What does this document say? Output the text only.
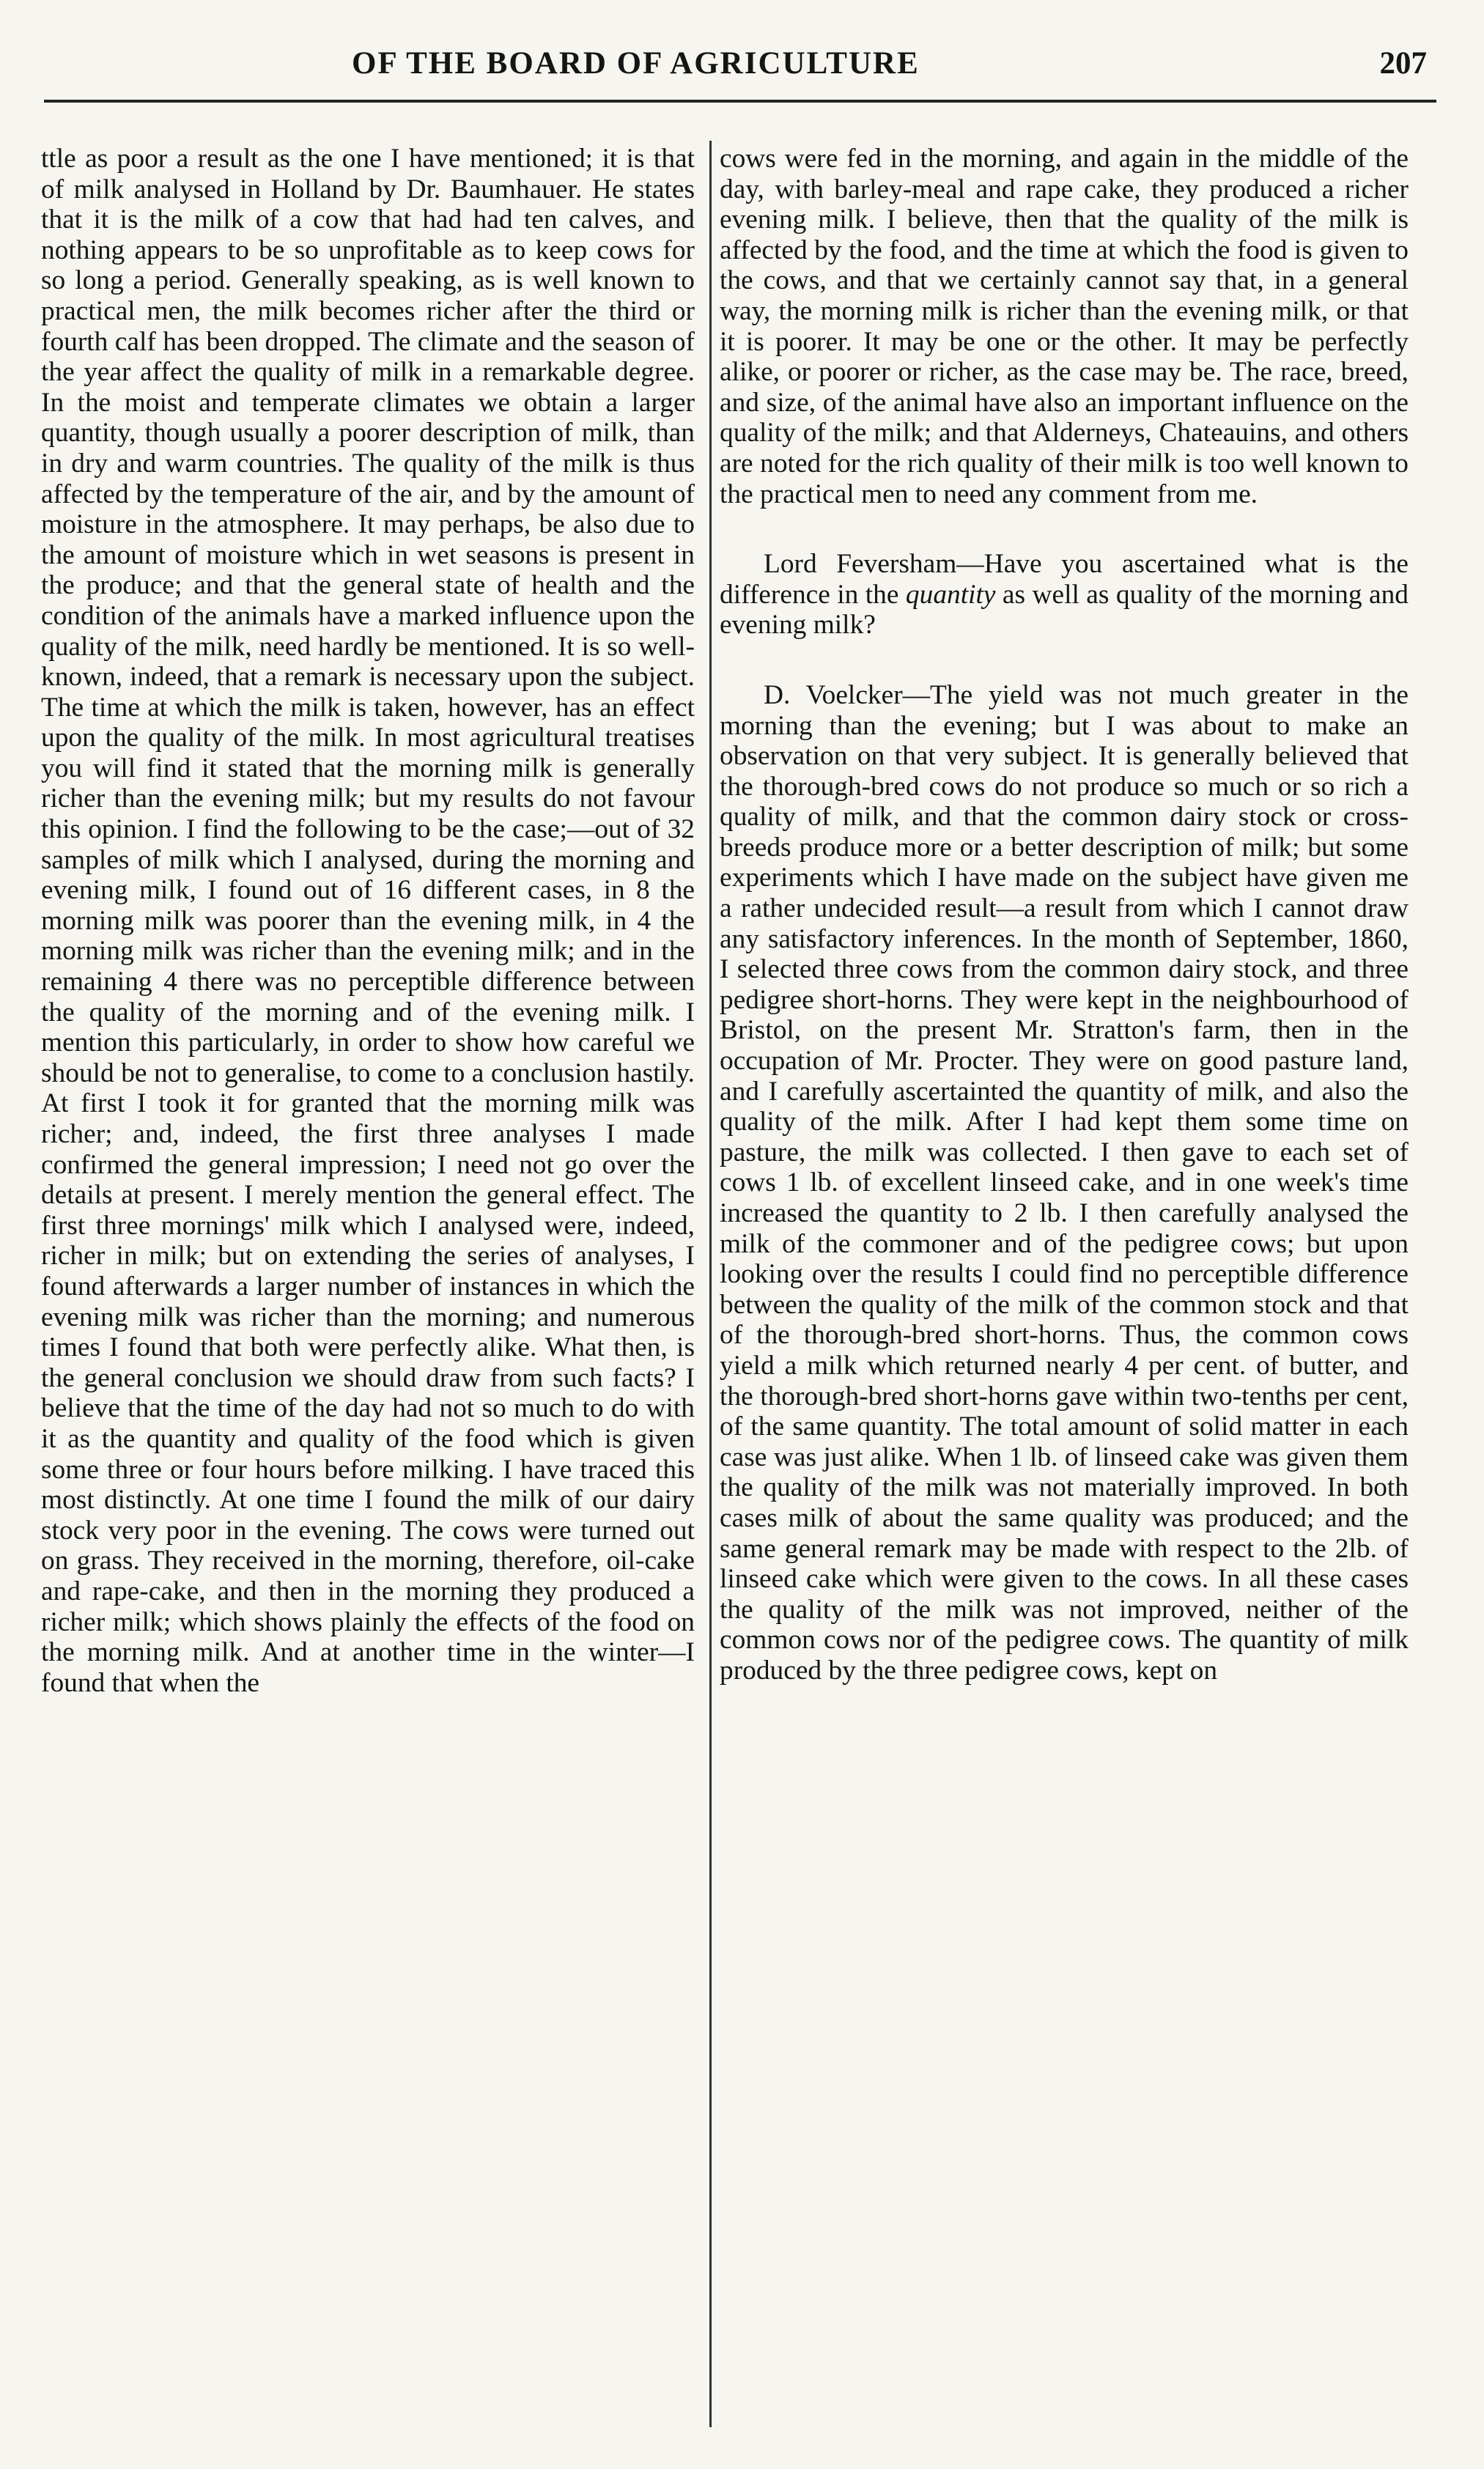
OF THE BOARD OF AGRICULTURE	207

ttle as poor a result as the one I have mentioned; it is that of milk analysed in Holland by Dr. Baumhauer. He states that it is the milk of a cow that had had ten calves, and nothing appears to be so unprofitable as to keep cows for so long a period. Generally speaking, as is well known to practical men, the milk becomes richer after the third or fourth calf has been dropped. The climate and the season of the year affect the quality of milk in a remarkable degree. In the moist and temperate climates we obtain a larger quantity, though usually a poorer description of milk, than in dry and warm countries. The quality of the milk is thus affected by the temperature of the air, and by the amount of moisture in the atmosphere. It may perhaps, be also due to the amount of moisture which in wet seasons is present in the produce; and that the general state of health and the condition of the animals have a marked influence upon the quality of the milk, need hardly be mentioned. It is so well-known, indeed, that a remark is necessary upon the subject. The time at which the milk is taken, however, has an effect upon the quality of the milk. In most agricultural treatises you will find it stated that the morning milk is generally richer than the evening milk; but my results do not favour this opinion. I find the following to be the case;—out of 32 samples of milk which I analysed, during the morning and evening milk, I found out of 16 different cases, in 8 the morning milk was poorer than the evening milk, in 4 the morning milk was richer than the evening milk; and in the remaining 4 there was no perceptible difference between the quality of the morning and of the evening milk. I mention this particularly, in order to show how careful we should be not to generalise, to come to a conclusion hastily. At first I took it for granted that the morning milk was richer; and, indeed, the first three analyses I made confirmed the general impression; I need not go over the details at present. I merely mention the general effect. The first three mornings' milk which I analysed were, indeed, richer in milk; but on extending the series of analyses, I found afterwards a larger number of instances in which the evening milk was richer than the morning; and numerous times I found that both were perfectly alike. What then, is the general conclusion we should draw from such facts? I believe that the time of the day had not so much to do with it as the quantity and quality of the food which is given some three or four hours before milking. I have traced this most distinctly. At one time I found the milk of our dairy stock very poor in the evening. The cows were turned out on grass. They received in the morning, therefore, oil-cake and rape-cake, and then in the morning they produced a richer milk; which shows plainly the effects of the food on the morning milk. And at another time in the winter—I found that when the

cows were fed in the morning, and again in the middle of the day, with barley-meal and rape cake, they produced a richer evening milk. I believe, then that the quality of the milk is affected by the food, and the time at which the food is given to the cows, and that we certainly cannot say that, in a general way, the morning milk is richer than the evening milk, or that it is poorer. It may be one or the other. It may be perfectly alike, or poorer or richer, as the case may be. The race, breed, and size, of the animal have also an important influence on the quality of the milk; and that Alderneys, Chateauins, and others are noted for the rich quality of their milk is too well known to the practical men to need any comment from me.

Lord Feversham—Have you ascertained what is the difference in the quantity as well as quality of the morning and evening milk?

D. Voelcker—The yield was not much greater in the morning than the evening; but I was about to make an observation on that very subject. It is generally believed that the thorough-bred cows do not produce so much or so rich a quality of milk, and that the common dairy stock or cross-breeds produce more or a better description of milk; but some experiments which I have made on the subject have given me a rather undecided result—a result from which I cannot draw any satisfactory inferences. In the month of September, 1860, I selected three cows from the common dairy stock, and three pedigree short-horns. They were kept in the neighbourhood of Bristol, on the present Mr. Stratton's farm, then in the occupation of Mr. Procter. They were on good pasture land, and I carefully ascertainted the quantity of milk, and also the quality of the milk. After I had kept them some time on pasture, the milk was collected. I then gave to each set of cows 1 lb. of excellent linseed cake, and in one week's time increased the quantity to 2 lb. I then carefully analysed the milk of the commoner and of the pedigree cows; but upon looking over the results I could find no perceptible difference between the quality of the milk of the common stock and that of the thorough-bred short-horns. Thus, the common cows yield a milk which returned nearly 4 per cent. of butter, and the thorough-bred short-horns gave within two-tenths per cent, of the same quantity. The total amount of solid matter in each case was just alike. When 1 lb. of linseed cake was given them the quality of the milk was not materially improved. In both cases milk of about the same quality was produced; and the same general remark may be made with respect to the 2lb. of linseed cake which were given to the cows. In all these cases the quality of the milk was not improved, neither of the common cows nor of the pedigree cows. The quantity of milk produced by the three pedigree cows, kept on
